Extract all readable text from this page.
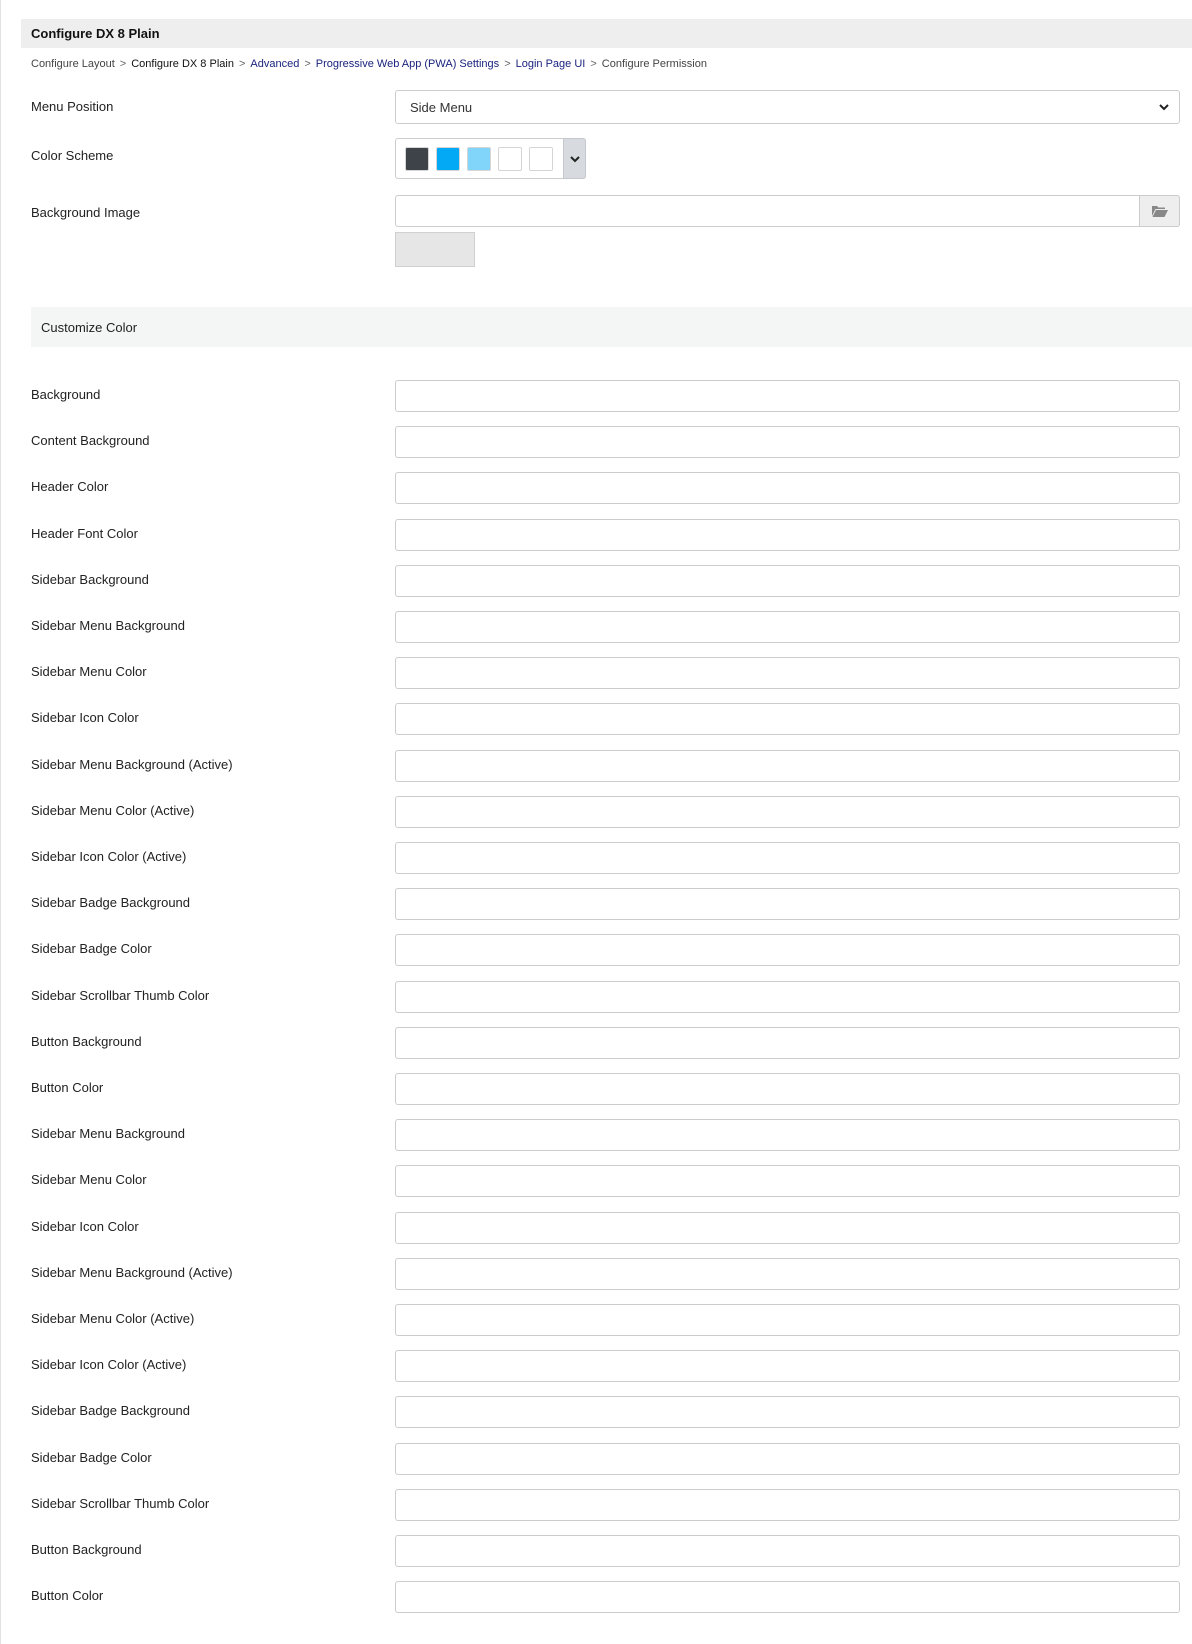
Configure DX 8 Plain
Configure Layout > Configure DX 8 Plain > Advanced > Progressive Web App (PWA) Settings > Login Page UI > Configure Permission
Menu Position	Side Menu
Color Scheme
Background Image
Customize Color
Background
Content Background
Header Color
Header Font Color
Sidebar Background
Sidebar Menu Background
Sidebar Menu Color
Sidebar Icon Color
Sidebar Menu Background (Active)
Sidebar Menu Color (Active)
Sidebar Icon Color (Active)
Sidebar Badge Background
Sidebar Badge Color
Sidebar Scrollbar Thumb Color
Button Background
Button Color
Sidebar Menu Background
Sidebar Menu Color
Sidebar Icon Color
Sidebar Menu Background (Active)
Sidebar Menu Color (Active)
Sidebar Icon Color (Active)
Sidebar Badge Background
Sidebar Badge Color
Sidebar Scrollbar Thumb Color
Button Background
Button Color
